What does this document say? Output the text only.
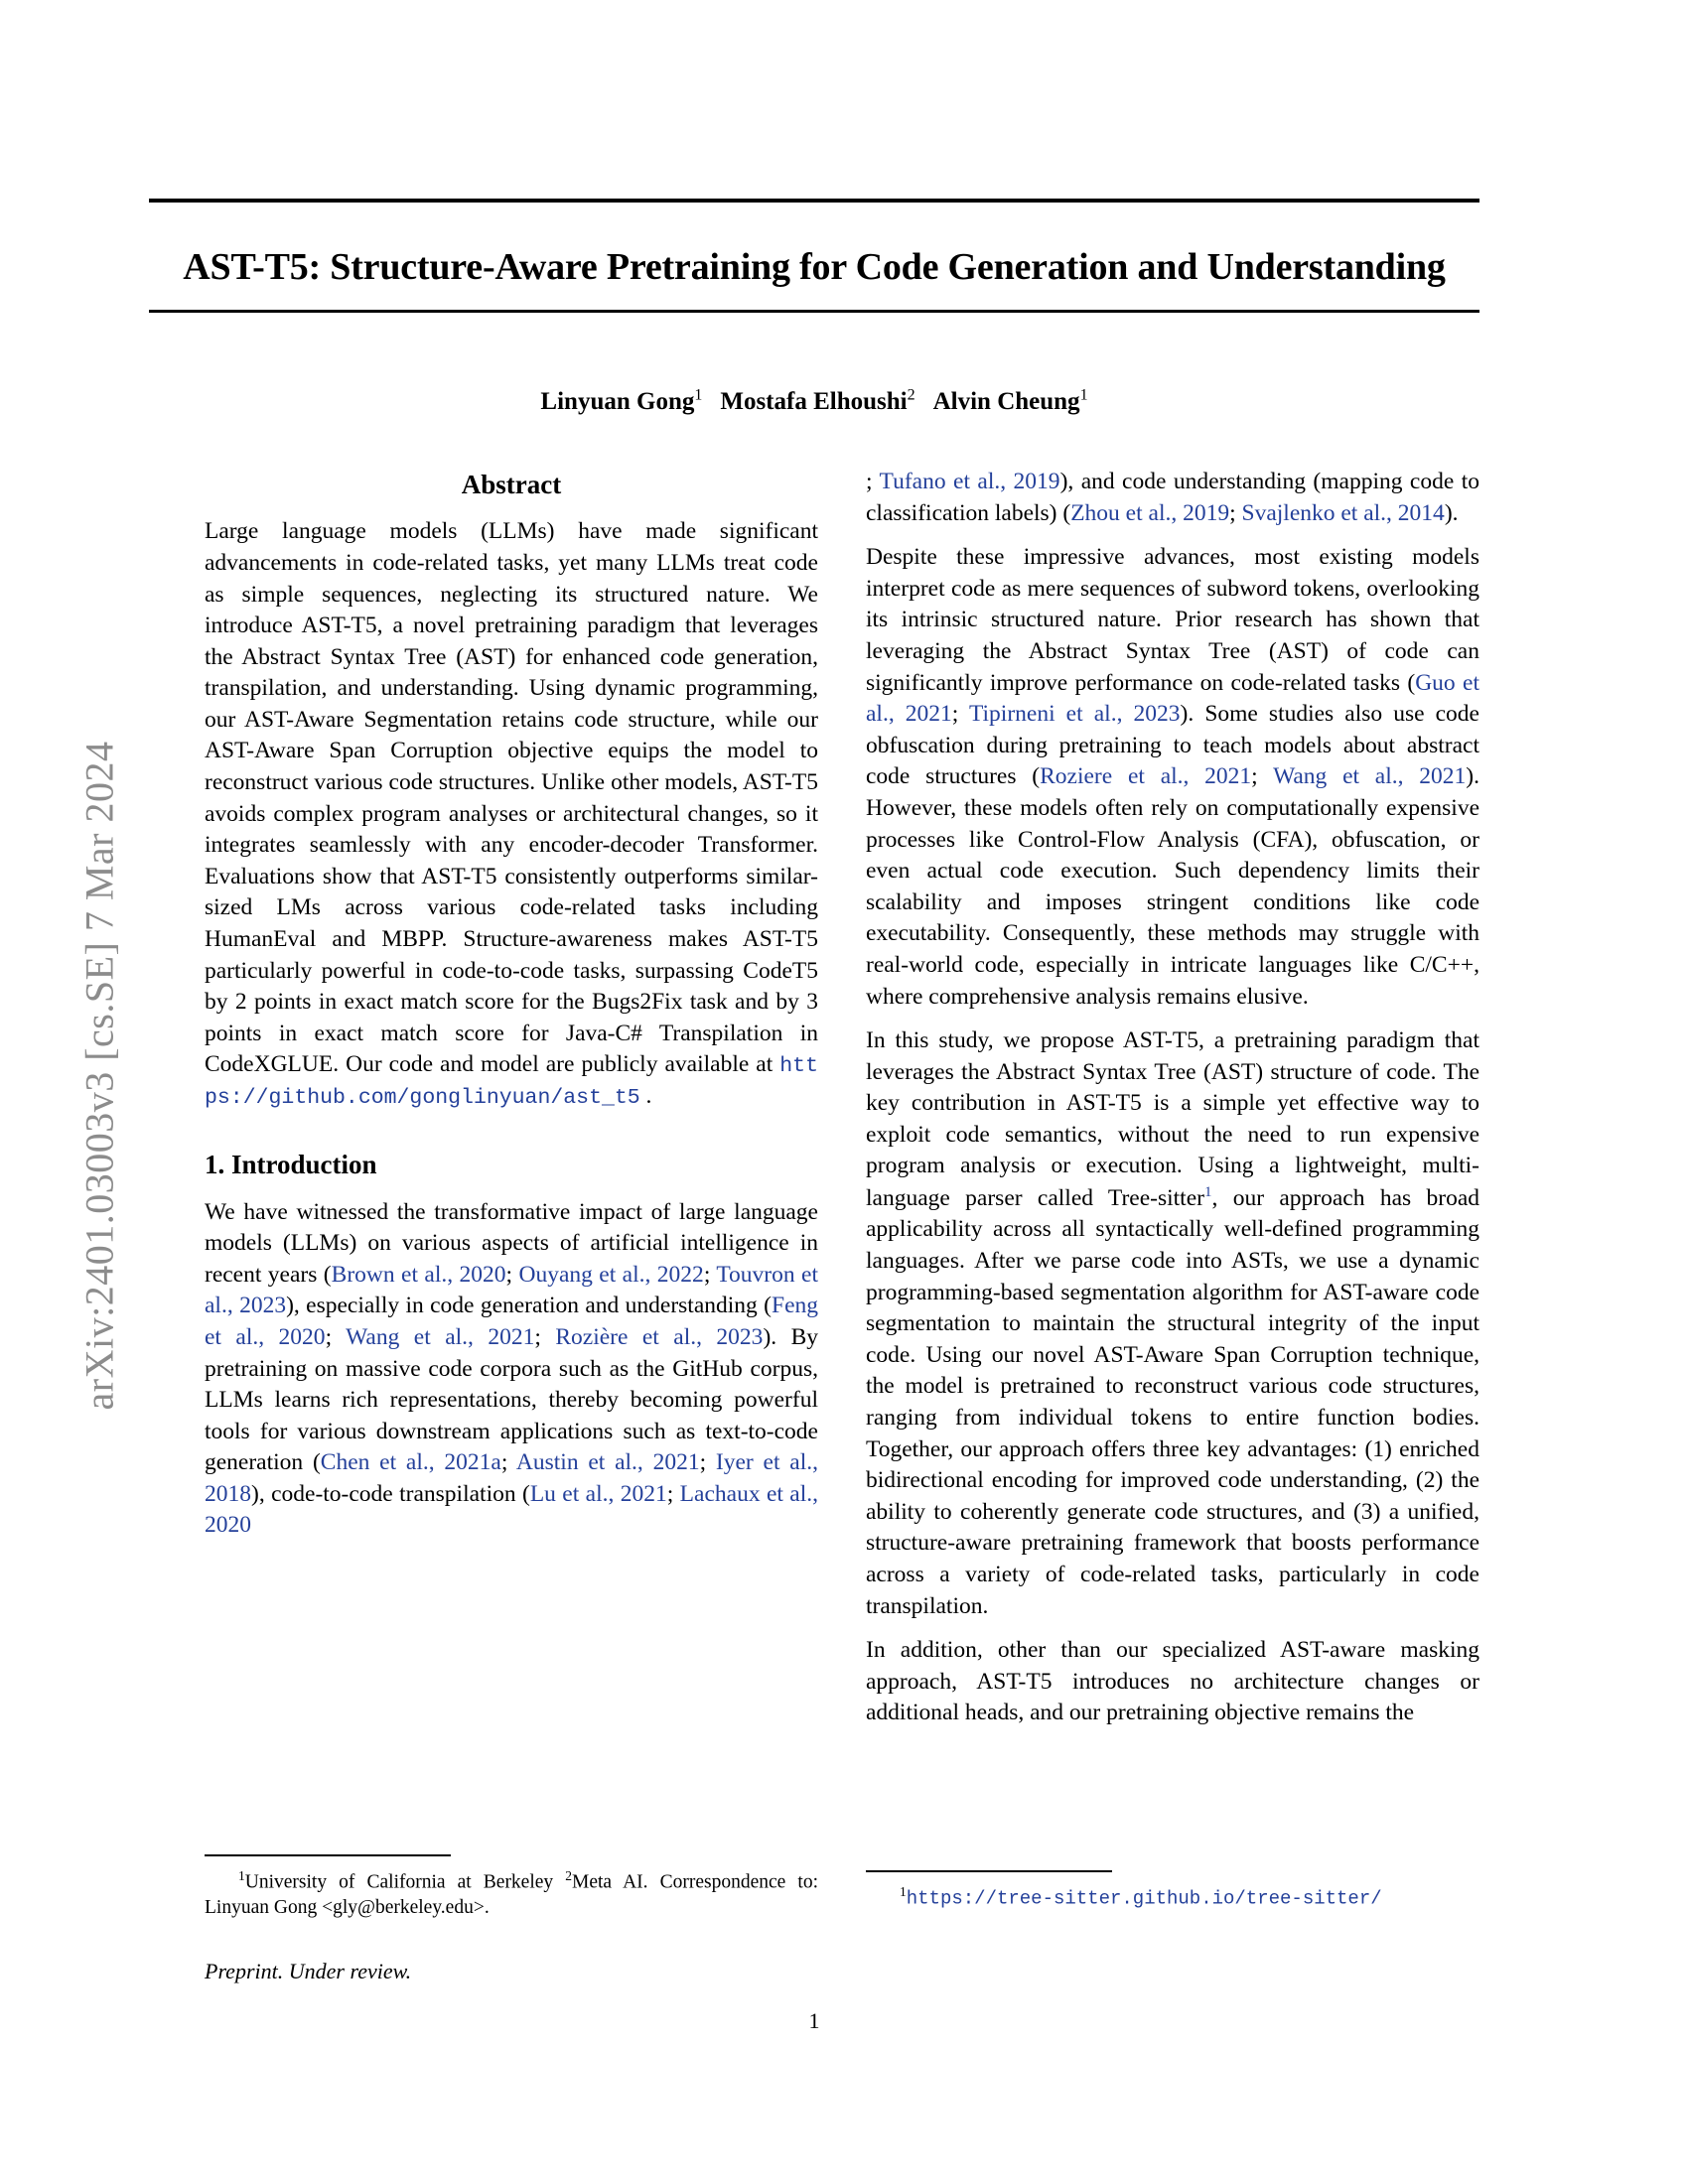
arXiv:2401.03003v3 [cs.SE] 7 Mar 2024
AST-T5: Structure-Aware Pretraining for Code Generation and Understanding
Linyuan Gong$^1$ Mostafa Elhoushi$^2$ Alvin Cheung$^1$
Abstract

Large language models (LLMs) have made significant advancements in code-related tasks, yet many LLMs treat code as simple sequences, neglecting its structured nature. We introduce AST-T5, a novel pretraining paradigm that leverages the Abstract Syntax Tree (AST) for enhanced code generation, transpilation, and understanding. Using dynamic programming, our AST-Aware Segmentation retains code structure, while our AST-Aware Span Corruption objective equips the model to reconstruct various code structures. Unlike other models, AST-T5 avoids complex program analyses or architectural changes, so it integrates seamlessly with any encoder-decoder Transformer. Evaluations show that AST-T5 consistently outperforms similar-sized LMs across various code-related tasks including HumanEval and MBPP. Structure-awareness makes AST-T5 particularly powerful in code-to-code tasks, surpassing CodeT5 by 2 points in exact match score for the Bugs2Fix task and by 3 points in exact match score for Java-C# Transpilation in CodeXGLUE. Our code and model are publicly available at https://github.com/gonglinyuan/ast_t5 .

1. Introduction

We have witnessed the transformative impact of large language models (LLMs) on various aspects of artificial intelligence in recent years (Brown et al., 2020; Ouyang et al., 2022; Touvron et al., 2023), especially in code generation and understanding (Feng et al., 2020; Wang et al., 2021; Rozière et al., 2023). By pretraining on massive code corpora such as the GitHub corpus, LLMs learns rich representations, thereby becoming powerful tools for various downstream applications such as text-to-code generation (Chen et al., 2021a; Austin et al., 2021; Iyer et al., 2018), code-to-code transpilation (Lu et al., 2021; Lachaux et al., 2020

; Tufano et al., 2019), and code understanding (mapping code to classification labels) (Zhou et al., 2019; Svajlenko et al., 2014).

Despite these impressive advances, most existing models interpret code as mere sequences of subword tokens, overlooking its intrinsic structured nature. Prior research has shown that leveraging the Abstract Syntax Tree (AST) of code can significantly improve performance on code-related tasks (Guo et al., 2021; Tipirneni et al., 2023). Some studies also use code obfuscation during pretraining to teach models about abstract code structures (Roziere et al., 2021; Wang et al., 2021). However, these models often rely on computationally expensive processes like Control-Flow Analysis (CFA), obfuscation, or even actual code execution. Such dependency limits their scalability and imposes stringent conditions like code executability. Consequently, these methods may struggle with real-world code, especially in intricate languages like C/C++, where comprehensive analysis remains elusive.

In this study, we propose AST-T5, a pretraining paradigm that leverages the Abstract Syntax Tree (AST) structure of code. The key contribution in AST-T5 is a simple yet effective way to exploit code semantics, without the need to run expensive program analysis or execution. Using a lightweight, multi-language parser called Tree-sitter$^1$, our approach has broad applicability across all syntactically well-defined programming languages. After we parse code into ASTs, we use a dynamic programming-based segmentation algorithm for AST-aware code segmentation to maintain the structural integrity of the input code. Using our novel AST-Aware Span Corruption technique, the model is pretrained to reconstruct various code structures, ranging from individual tokens to entire function bodies. Together, our approach offers three key advantages: (1) enriched bidirectional encoding for improved code understanding, (2) the ability to coherently generate code structures, and (3) a unified, structure-aware pretraining framework that boosts performance across a variety of code-related tasks, particularly in code transpilation.

In addition, other than our specialized AST-aware masking approach, AST-T5 introduces no architecture changes or additional heads, and our pretraining objective remains the

$^1$University of California at Berkeley $^2$Meta AI. Correspondence to: Linyuan Gong <gly@berkeley.edu>.
Preprint. Under review.
$^1$https://tree-sitter.github.io/tree-sitter/
1
